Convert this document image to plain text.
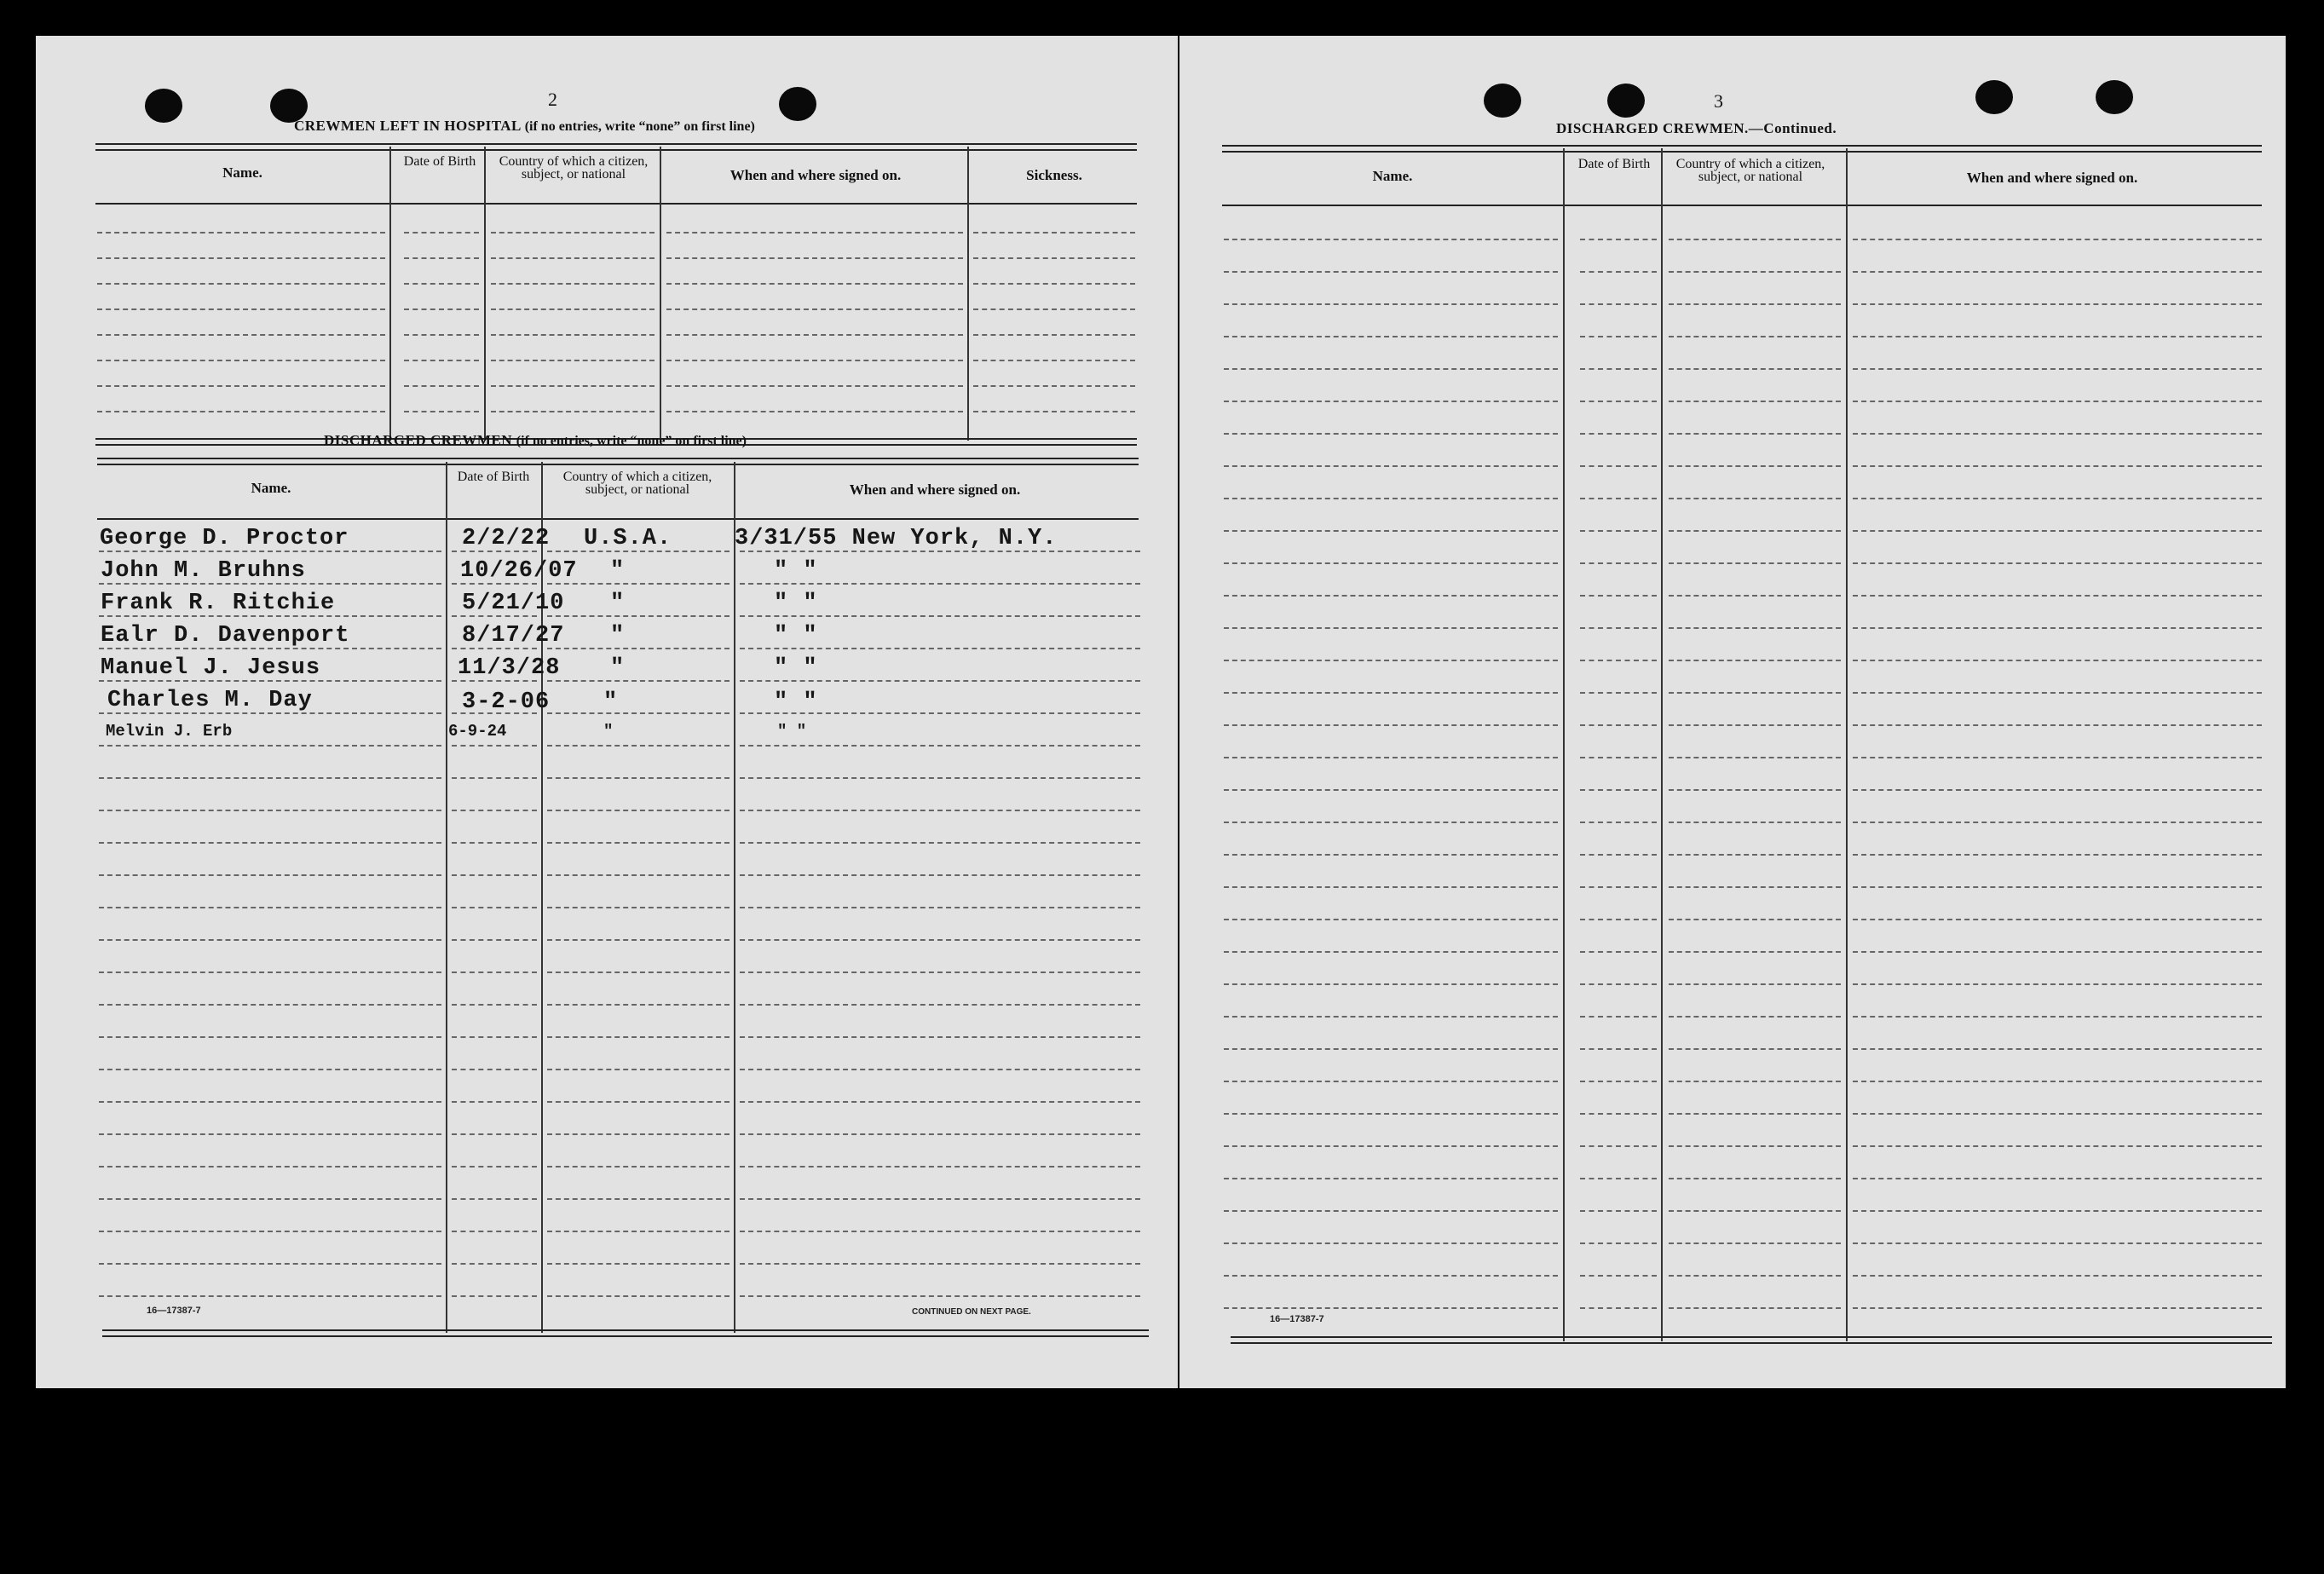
2
CREWMEN LEFT IN HOSPITAL (if no entries, write “none” on first line)
Name.
Date of Birth	Country of which a citizen, subject, or national	When and where signed on.	Sickness.
DISCHARGED CREWMEN (if no entries, write “none” on first line)
Name.
Date of Birth	Country of which a citizen, subject, or national	When and where signed on.
George D. Proctor	2/2/22 U.S.A.	3/31/55 New York, N.Y.
John M. Bruhns	10/26/07 "	" "
Frank R. Ritchie	5/21/10 "	" "
Ealr D. Davenport	8/17/27 "	" "
Manuel J. Jesus	11/3/28 "	" "
Charles M. Day	3-2-06 "	" "
Melvin J. Erb	6-9-24	"	" "
16—17387-7	CONTINUED ON NEXT PAGE.
3
DISCHARGED CREWMEN.—Continued.
Name.
Date of Birth	Country of which a citizen, subject, or national	When and where signed on.
16—17387-7
